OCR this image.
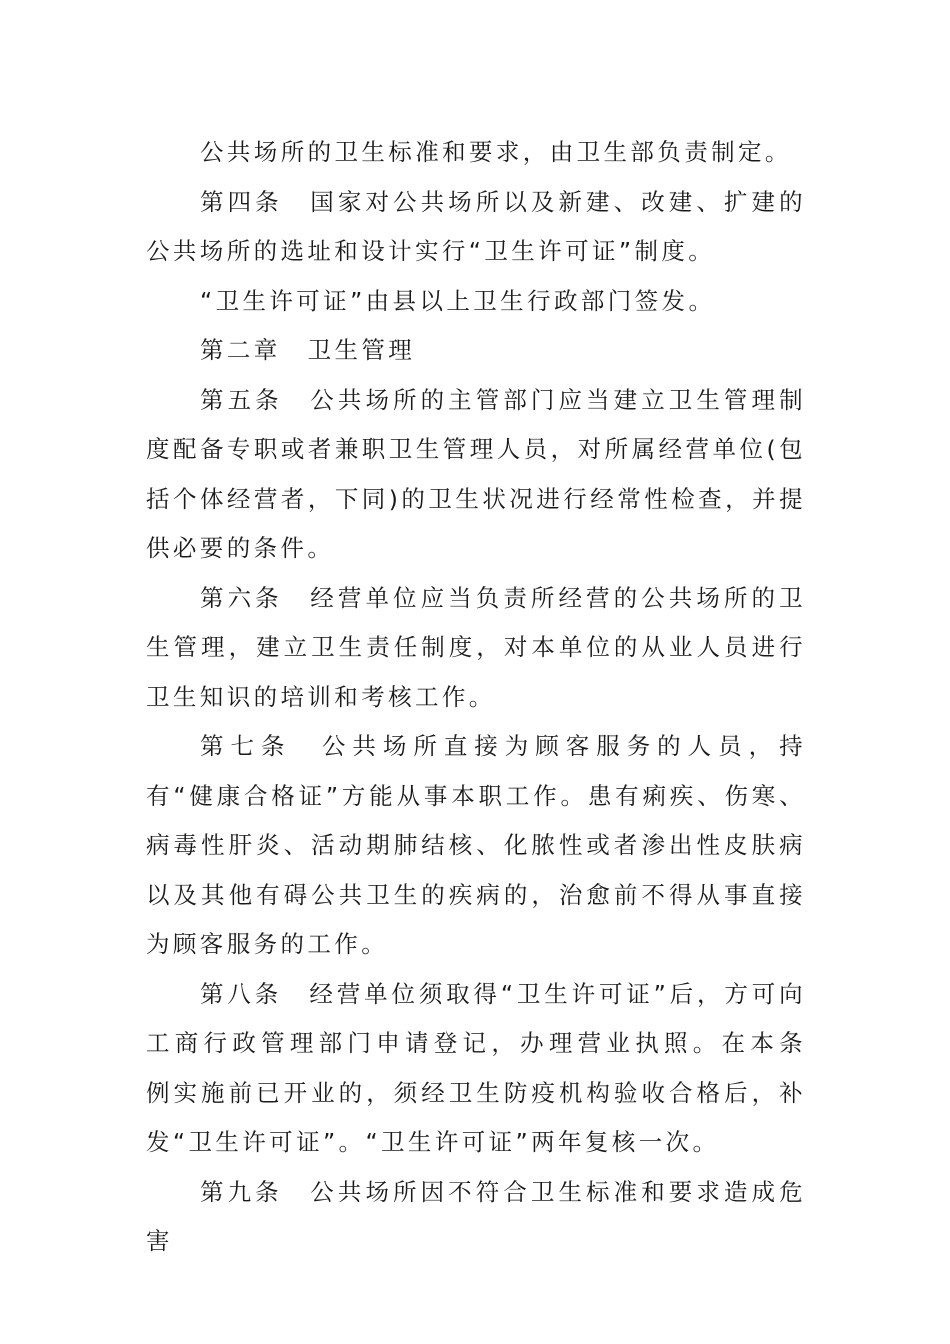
公共场所的卫生标准和要求，由卫生部负责制定。

第四条　国家对公共场所以及新建、改建、扩建的公共场所的选址和设计实行“卫生许可证”制度。

“卫生许可证”由县以上卫生行政部门签发。

第二章　卫生管理

第五条　公共场所的主管部门应当建立卫生管理制度配备专职或者兼职卫生管理人员，对所属经营单位(包括个体经营者，下同)的卫生状况进行经常性检查，并提供必要的条件。

第六条　经营单位应当负责所经营的公共场所的卫生管理，建立卫生责任制度，对本单位的从业人员进行卫生知识的培训和考核工作。

第七条　公共场所直接为顾客服务的人员，持有“健康合格证”方能从事本职工作。患有痢疾、伤寒、病毒性肝炎、活动期肺结核、化脓性或者渗出性皮肤病以及其他有碍公共卫生的疾病的，治愈前不得从事直接为顾客服务的工作。

第八条　经营单位须取得“卫生许可证”后，方可向工商行政管理部门申请登记，办理营业执照。在本条　例实施前已开业的，须经卫生防疫机构验收合格后，补发“卫生许可证”。“卫生许可证”两年复核一次。

第九条　公共场所因不符合卫生标准和要求造成危害
